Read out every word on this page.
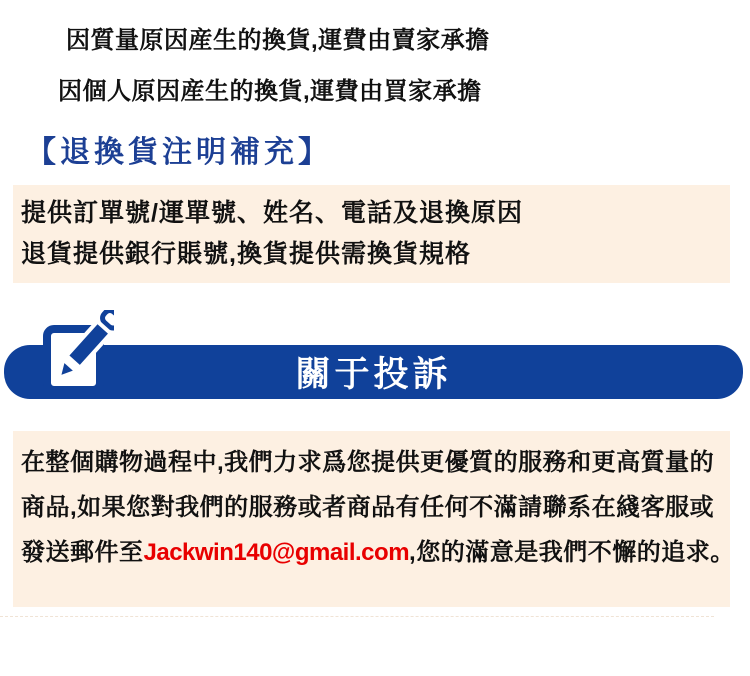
因質量原因産生的換貨,運費由賣家承擔

因個人原因産生的換貨,運費由買家承擔

【退換貨注明補充】

提供訂單號/運單號、姓名、電話及退換原因

退貨提供銀行賬號,換貨提供需換貨規格

關于投訴

在整個購物過程中,我們力求爲您提供更優質的服務和更高質量的

商品,如果您對我們的服務或者商品有任何不滿請聯系在綫客服或

發送郵件至Jackwin140@gmail.com,您的滿意是我們不懈的追求。
